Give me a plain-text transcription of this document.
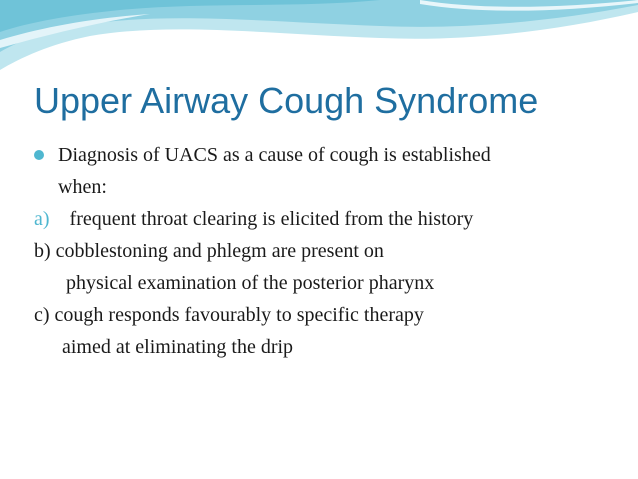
Upper Airway Cough Syndrome
Diagnosis of UACS as a cause of cough is established
when:
a) frequent throat clearing is elicited from the history
b) cobblestoning and phlegm are present on
physical examination of the posterior pharynx
c) cough responds favourably to specific therapy
aimed at eliminating the drip
